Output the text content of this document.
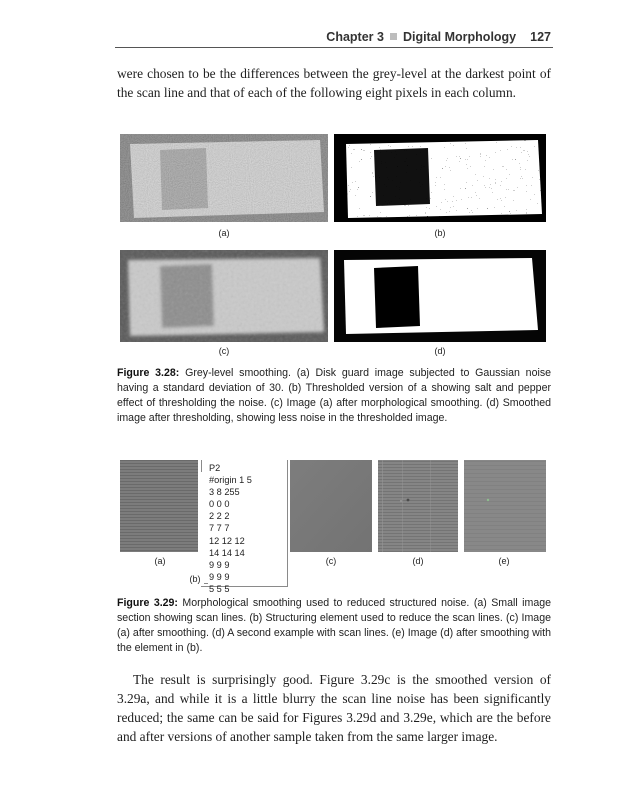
Chapter 3 Digital Morphology 127

were chosen to be the differences between the grey-level at the darkest point of the scan line and that of each of the following eight pixels in each column.

(a)	(b)
(c)	(d)

Figure 3.28: Grey-level smoothing. (a) Disk guard image subjected to Gaussian noise having a standard deviation of 30. (b) Thresholded version of a showing salt and pepper effect of thresholding the noise. (c) Image (a) after morphological smoothing. (d) Smoothed image after thresholding, showing less noise in the thresholded image.

P2
#origin 1 5
3 8 255
0 0 0
2 2 2
7 7 7
12 12 12
14 14 14
9 9 9
9 9 9
5 5 5
(a)
(b)
(c)	(d)	(e)

Figure 3.29: Morphological smoothing used to reduced structured noise. (a) Small image section showing scan lines. (b) Structuring element used to reduce the scan lines. (c) Image (a) after smoothing. (d) A second example with scan lines. (e) Image (d) after smoothing with the element in (b).

The result is surprisingly good. Figure 3.29c is the smoothed version of 3.29a, and while it is a little blurry the scan line noise has been significantly reduced; the same can be said for Figures 3.29d and 3.29e, which are the before and after versions of another sample taken from the same larger image.
